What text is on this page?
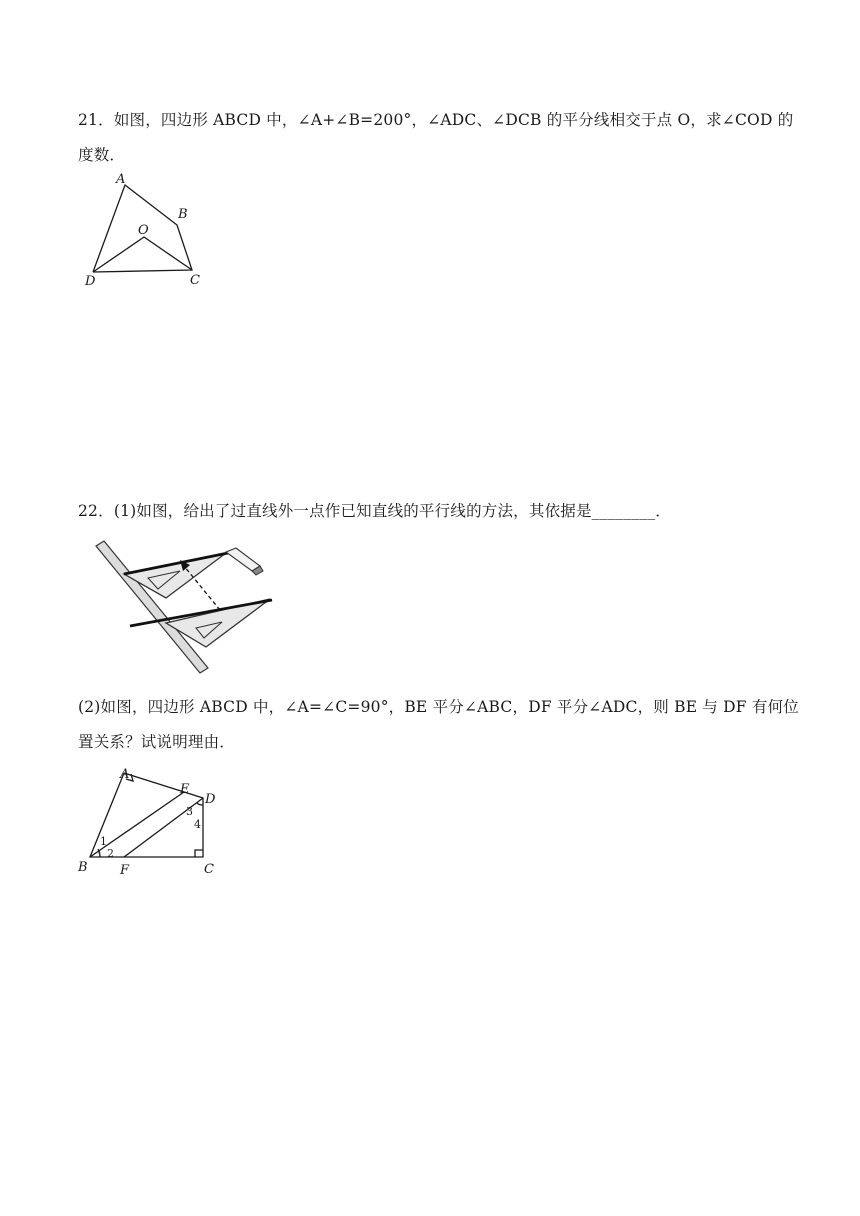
21．如图，四边形 ABCD 中，∠A+∠B=200°，∠ADC、∠DCB 的平分线相交于点 O，求∠COD 的
度数．
A
B
O
D	C
22．(1)如图，给出了过直线外一点作已知直线的平行线的方法，其依据是________．
(2)如图，四边形 ABCD 中，∠A=∠C=90°，BE 平分∠ABC，DF 平分∠ADC，则 BE 与 DF 有何位
置关系？试说明理由．
A
E
D
B F	C
1
2
3
4
